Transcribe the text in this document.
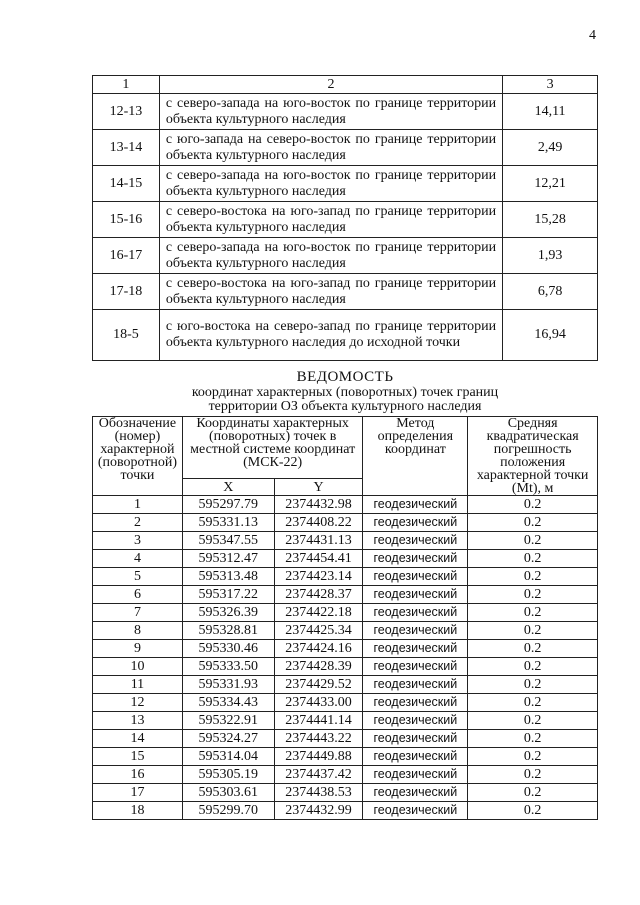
4
1	2	3
12-13	с северо-запада на юго-восток по границе территории объекта культурного наследия	14,11
13-14	с юго-запада на северо-восток по границе территории объекта культурного наследия	2,49
14-15	с северо-запада на юго-восток по границе территории объекта культурного наследия	12,21
15-16	с северо-востока на юго-запад по границе территории объекта культурного наследия	15,28
16-17	с северо-запада на юго-восток по границе территории объекта культурного наследия	1,93
17-18	с северо-востока на юго-запад по границе территории объекта культурного наследия	6,78
18-5	с юго-востока на северо-запад по границе территории объекта культурного наследия до исходной точки	16,94
ВЕДОМОСТЬ
координат характерных (поворотных) точек границ
территории ОЗ объекта культурного наследия
Обозначение (номер) характерной (поворотной) точки	Координаты характерных (поворотных) точек в местной системе координат (МСК-22)		Метод определения координат	Средняя квадратическая погрешность положения характерной точки (Mt), м
	X	Y		
1	595297.79	2374432.98	геодезический	0.2
2	595331.13	2374408.22	геодезический	0.2
3	595347.55	2374431.13	геодезический	0.2
4	595312.47	2374454.41	геодезический	0.2
5	595313.48	2374423.14	геодезический	0.2
6	595317.22	2374428.37	геодезический	0.2
7	595326.39	2374422.18	геодезический	0.2
8	595328.81	2374425.34	геодезический	0.2
9	595330.46	2374424.16	геодезический	0.2
10	595333.50	2374428.39	геодезический	0.2
11	595331.93	2374429.52	геодезический	0.2
12	595334.43	2374433.00	геодезический	0.2
13	595322.91	2374441.14	геодезический	0.2
14	595324.27	2374443.22	геодезический	0.2
15	595314.04	2374449.88	геодезический	0.2
16	595305.19	2374437.42	геодезический	0.2
17	595303.61	2374438.53	геодезический	0.2
18	595299.70	2374432.99	геодезический	0.2
